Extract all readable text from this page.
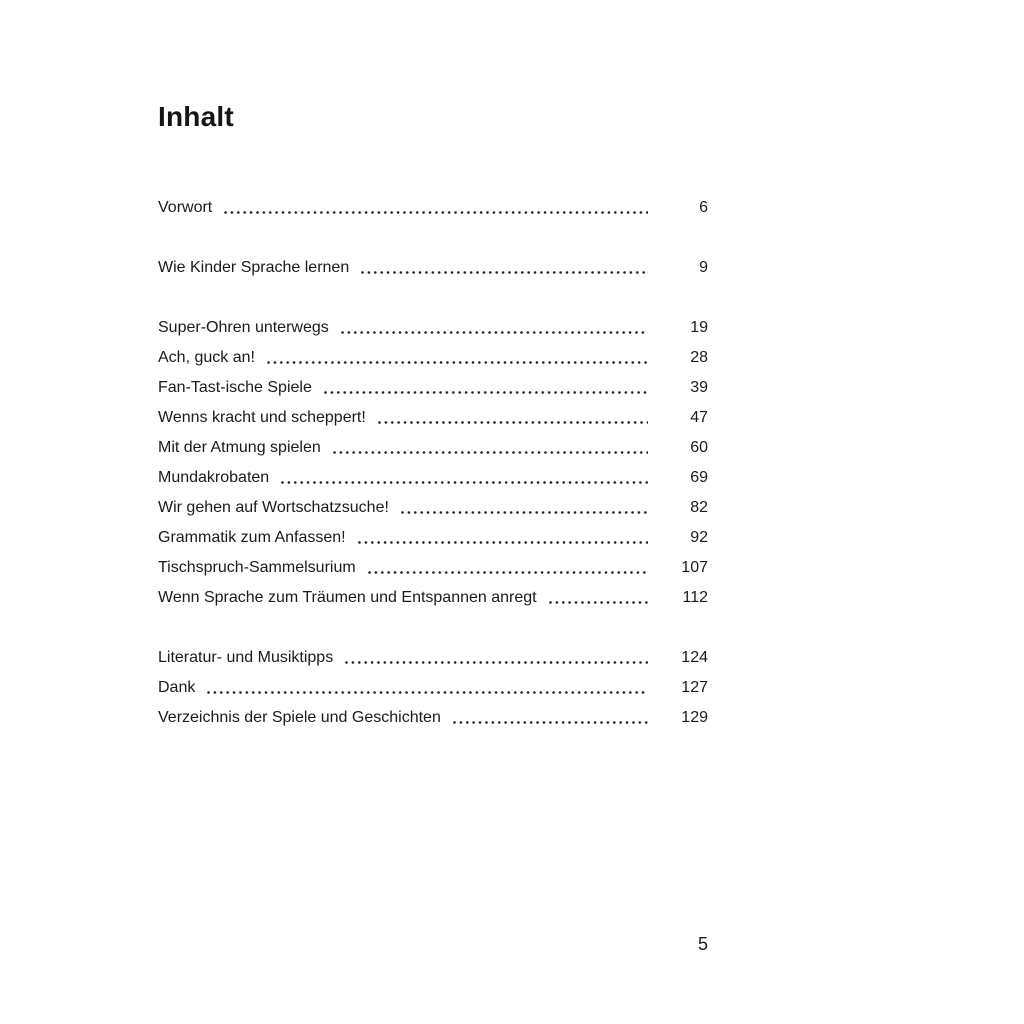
Inhalt
Vorwort	6
Wie Kinder Sprache lernen	9
Super-Ohren unterwegs	19
Ach, guck an!	28
Fan-Tast-ische Spiele	39
Wenns kracht und scheppert!	47
Mit der Atmung spielen	60
Mundakrobaten	69
Wir gehen auf Wortschatzsuche!	82
Grammatik zum Anfassen!	92
Tischspruch-Sammelsurium	107
Wenn Sprache zum Träumen und Entspannen anregt	112
Literatur- und Musiktipps	124
Dank	127
Verzeichnis der Spiele und Geschichten	129
5
